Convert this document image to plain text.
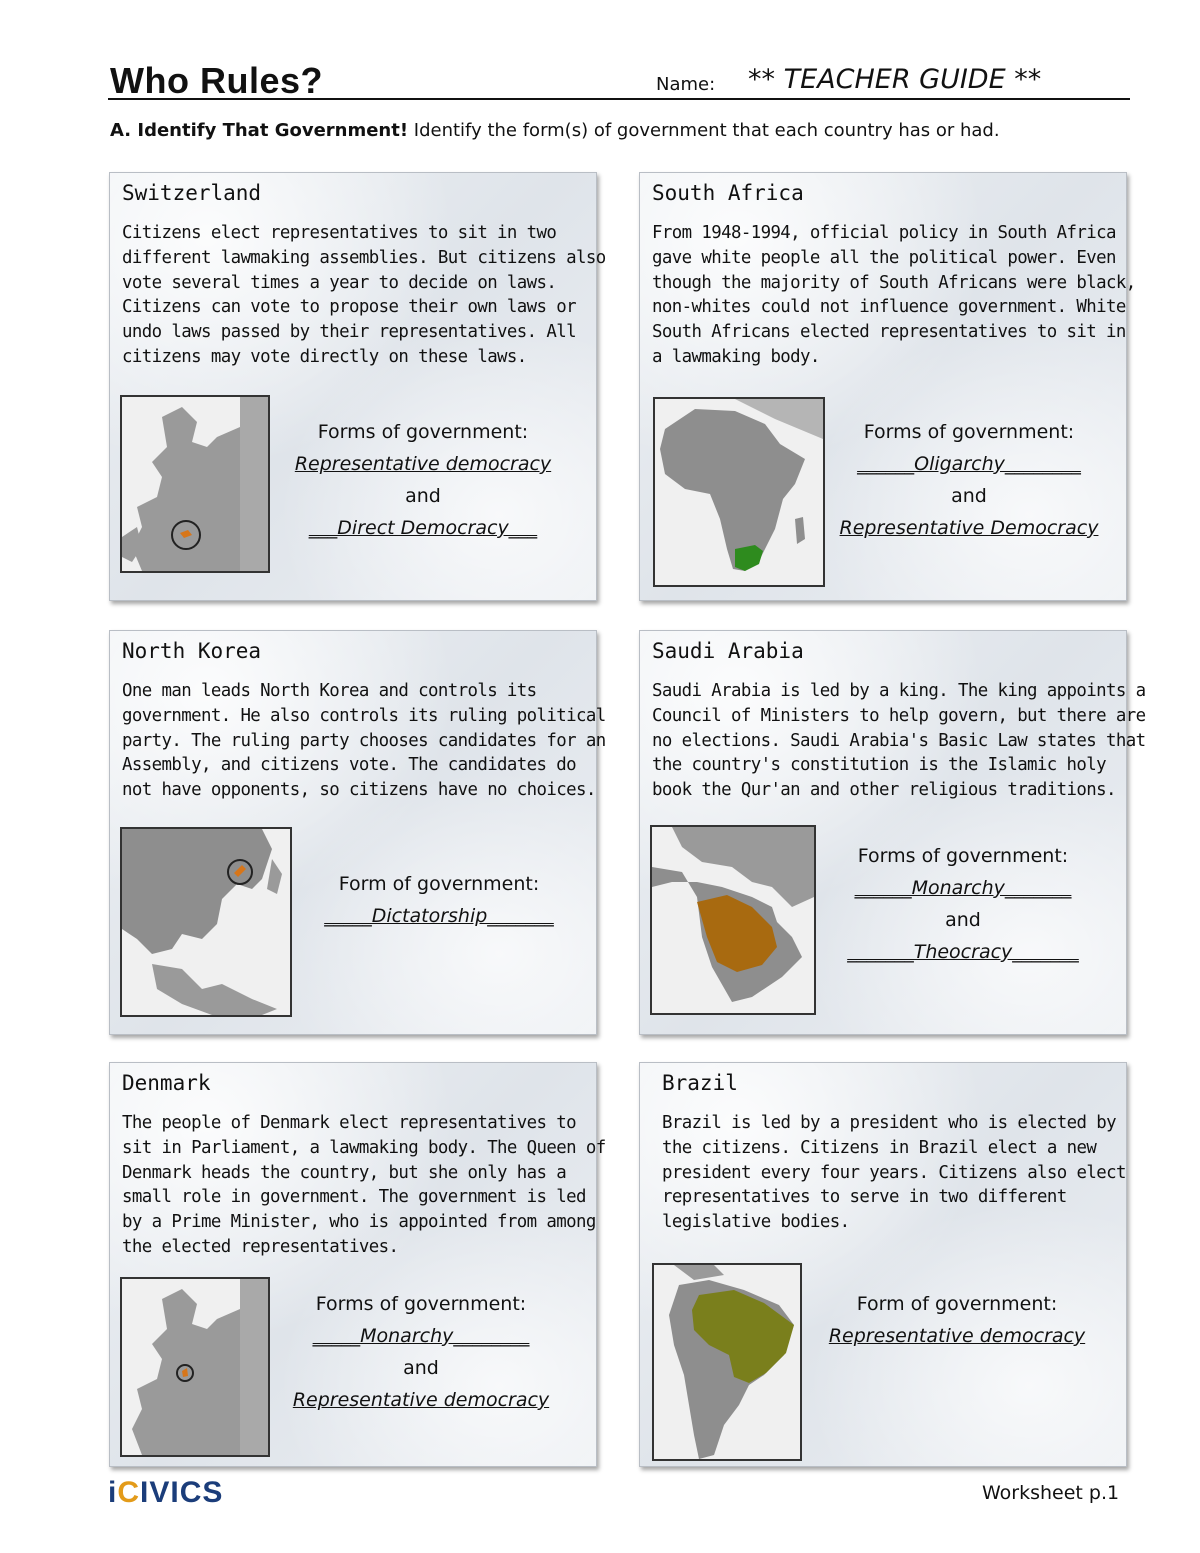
Who Rules?	Name: ** TEACHER GUIDE **
A. Identify That Government! Identify the form(s) of government that each country has or had.
Switzerland
Citizens elect representatives to sit in two
different lawmaking assemblies. But citizens also
vote several times a year to decide on laws.
Citizens can vote to propose their own laws or
undo laws passed by their representatives. All
citizens may vote directly on these laws.
Forms of government:
Representative democracy
and
___Direct Democracy___
South Africa
From 1948-1994, official policy in South Africa
gave white people all the political power. Even
though the majority of South Africans were black,
non-whites could not influence government. White
South Africans elected representatives to sit in
a lawmaking body.
Forms of government:
______Oligarchy________
and
Representative Democracy
North Korea
One man leads North Korea and controls its
government. He also controls its ruling political
party. The ruling party chooses candidates for an
Assembly, and citizens vote. The candidates do
not have opponents, so citizens have no choices.
Form of government:
_____Dictatorship_______
Saudi Arabia
Saudi Arabia is led by a king. The king appoints a
Council of Ministers to help govern, but there are
no elections. Saudi Arabia's Basic Law states that
the country's constitution is the Islamic holy
book the Qur'an and other religious traditions.
Forms of government:
______Monarchy_______
and
_______Theocracy_______
Denmark
The people of Denmark elect representatives to
sit in Parliament, a lawmaking body. The Queen of
Denmark heads the country, but she only has a
small role in government. The government is led
by a Prime Minister, who is appointed from among
the elected representatives.
Forms of government:
_____Monarchy________
and
Representative democracy
Brazil
Brazil is led by a president who is elected by
the citizens. Citizens in Brazil elect a new
president every four years. Citizens also elect
representatives to serve in two different
legislative bodies.
Form of government:
Representative democracy
iCIVICS	Worksheet p.1
